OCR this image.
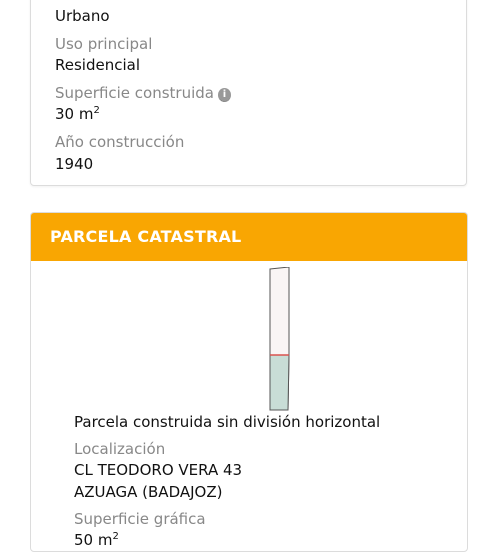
Urbano
Uso principal
Residencial
Superficie construida i
30 $m^2$
Año construcción
1940
PARCELA CATASTRAL
Parcela construida sin división horizontal
Localización
CL TEODORO VERA 43
AZUAGA (BADAJOZ)
Superficie gráfica
50 $m^2$
